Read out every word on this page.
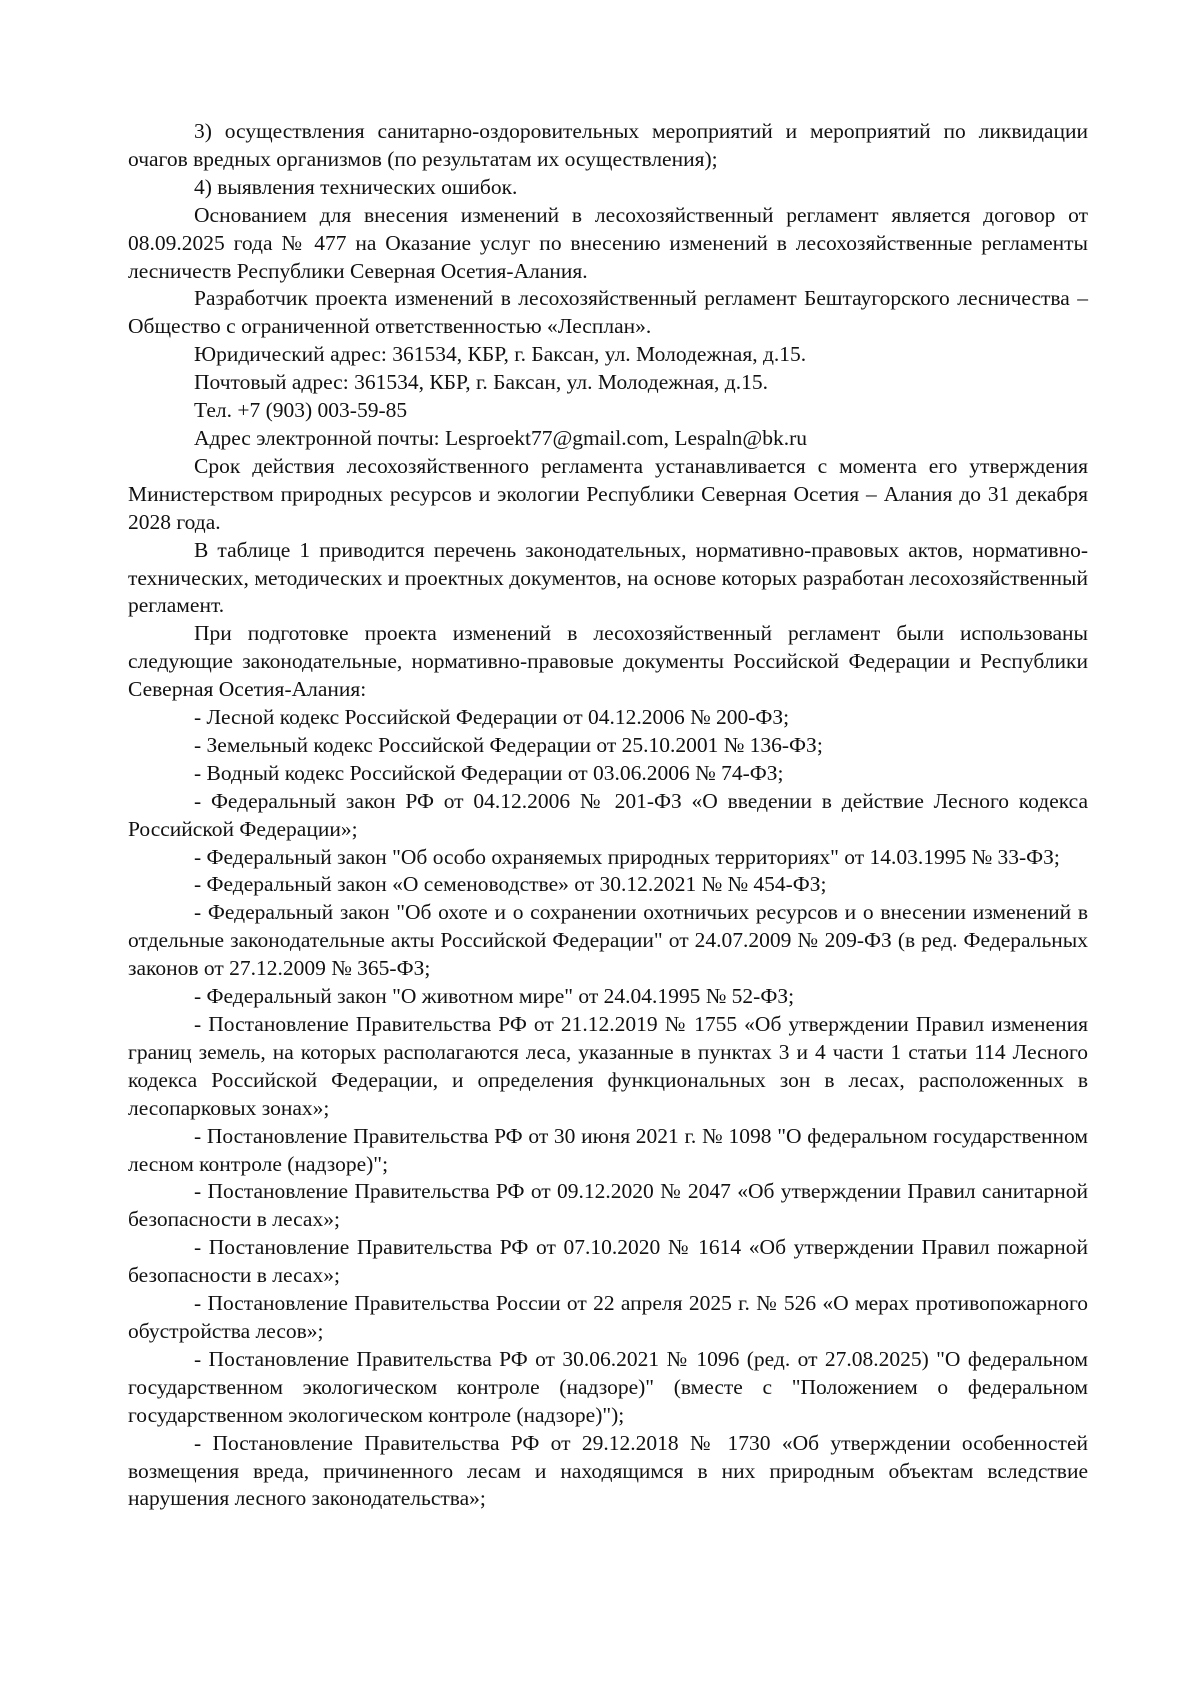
3) осуществления санитарно-оздоровительных мероприятий и мероприятий по ликвидации очагов вредных организмов (по результатам их осуществления);

4) выявления технических ошибок.

Основанием для внесения изменений в лесохозяйственный регламент является договор от 08.09.2025 года № 477 на Оказание услуг по внесению изменений в лесохозяйственные регламенты лесничеств Республики Северная Осетия-Алания.

Разработчик проекта изменений в лесохозяйственный регламент Бештаугорского лесничества – Общество с ограниченной ответственностью «Лесплан».

Юридический адрес: 361534, КБР, г. Баксан, ул. Молодежная, д.15.

Почтовый адрес: 361534, КБР, г. Баксан, ул. Молодежная, д.15.

Тел. +7 (903) 003-59-85

Адрес электронной почты: Lesproekt77@gmail.com, Lespaln@bk.ru

Срок действия лесохозяйственного регламента устанавливается с момента его утверждения Министерством природных ресурсов и экологии Республики Северная Осетия – Алания до 31 декабря 2028 года.

В таблице 1 приводится перечень законодательных, нормативно-правовых актов, нормативно-технических, методических и проектных документов, на основе которых разработан лесохозяйственный регламент.

При подготовке проекта изменений в лесохозяйственный регламент были использованы следующие законодательные, нормативно-правовые документы Российской Федерации и Республики Северная Осетия-Алания:

- Лесной кодекс Российской Федерации от 04.12.2006 № 200-ФЗ;

- Земельный кодекс Российской Федерации от 25.10.2001 № 136-ФЗ;

- Водный кодекс Российской Федерации от 03.06.2006 № 74-ФЗ;

- Федеральный закон РФ от 04.12.2006 № 201-ФЗ «О введении в действие Лесного кодекса Российской Федерации»;

- Федеральный закон "Об особо охраняемых природных территориях" от 14.03.1995 № 33-ФЗ;

- Федеральный закон «О семеноводстве» от 30.12.2021 № № 454-ФЗ;

- Федеральный закон "Об охоте и о сохранении охотничьих ресурсов и о внесении изменений в отдельные законодательные акты Российской Федерации" от 24.07.2009 № 209-ФЗ (в ред. Федеральных законов от 27.12.2009 № 365-ФЗ;

- Федеральный закон "О животном мире" от 24.04.1995 № 52-ФЗ;

- Постановление Правительства РФ от 21.12.2019 № 1755 «Об утверждении Правил изменения границ земель, на которых располагаются леса, указанные в пунктах 3 и 4 части 1 статьи 114 Лесного кодекса Российской Федерации, и определения функциональных зон в лесах, расположенных в лесопарковых зонах»;

- Постановление Правительства РФ от 30 июня 2021 г. № 1098 "О федеральном государственном лесном контроле (надзоре)";

- Постановление Правительства РФ от 09.12.2020 № 2047 «Об утверждении Правил санитарной безопасности в лесах»;

- Постановление Правительства РФ от 07.10.2020 № 1614 «Об утверждении Правил пожарной безопасности в лесах»;

- Постановление Правительства России от 22 апреля 2025 г. № 526 «О мерах противопожарного обустройства лесов»;

- Постановление Правительства РФ от 30.06.2021 № 1096 (ред. от 27.08.2025) "О федеральном государственном экологическом контроле (надзоре)" (вместе с "Положением о федеральном государственном экологическом контроле (надзоре)");

- Постановление Правительства РФ от 29.12.2018 № 1730 «Об утверждении особенностей возмещения вреда, причиненного лесам и находящимся в них природным объектам вследствие нарушения лесного законодательства»;
